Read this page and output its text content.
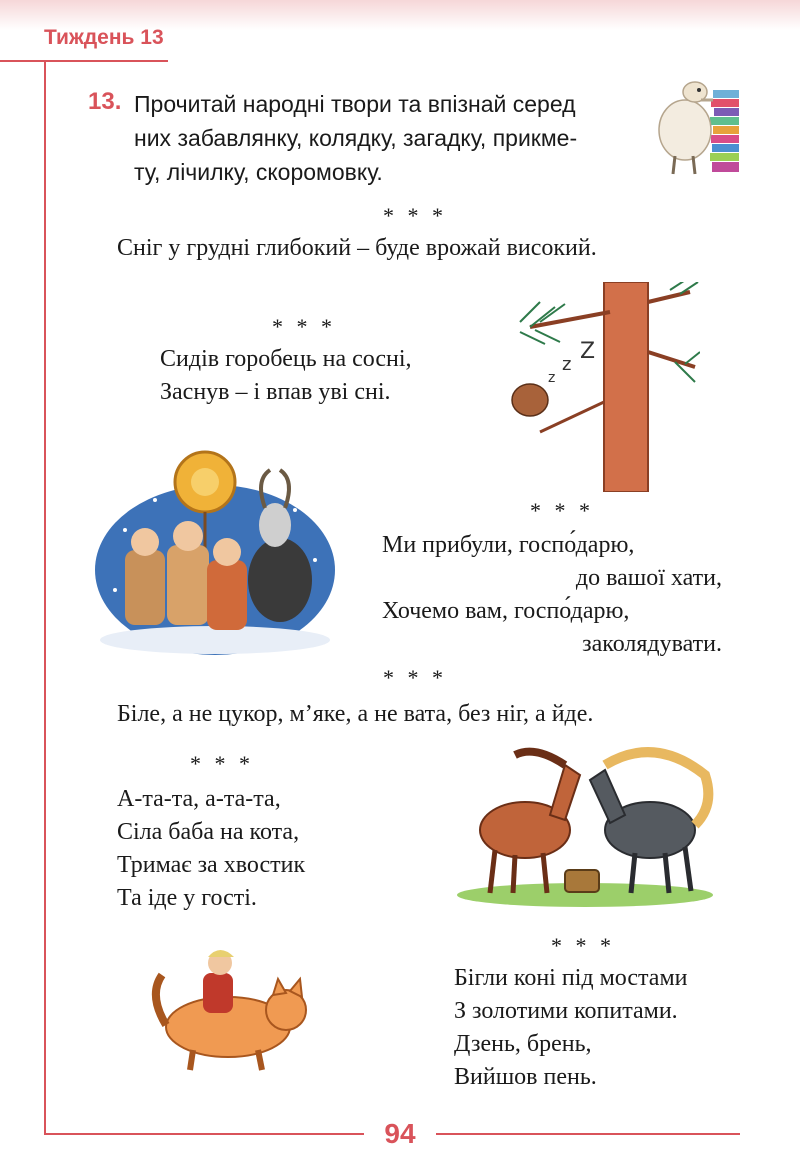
Тиждень 13
94
13. Прочитай народні твори та впізнай серед
них забавлянку, колядку, загадку, прикме-
ту, лічилку, скоромовку.
* * *
Сніг у грудні глибокий – буде врожай високий.
* * *
Сидів горобець на сосні,
Заснув – і впав уві сні.
z
z
Z
* * *
Ми прибули, госпо́дарю,
до вашої хати,
Хочемо вам, госпо́дарю,
заколядувати.
* * *
Біле, а не цукор, м’яке, а не вата, без ніг, а йде.
* * *
А-та-та, а-та-та,
Сіла баба на кота,
Тримає за хвостик
Та іде у гості.
* * *
Бігли коні під мостами
З золотими копитами.
Дзень, брень,
Вийшов пень.
